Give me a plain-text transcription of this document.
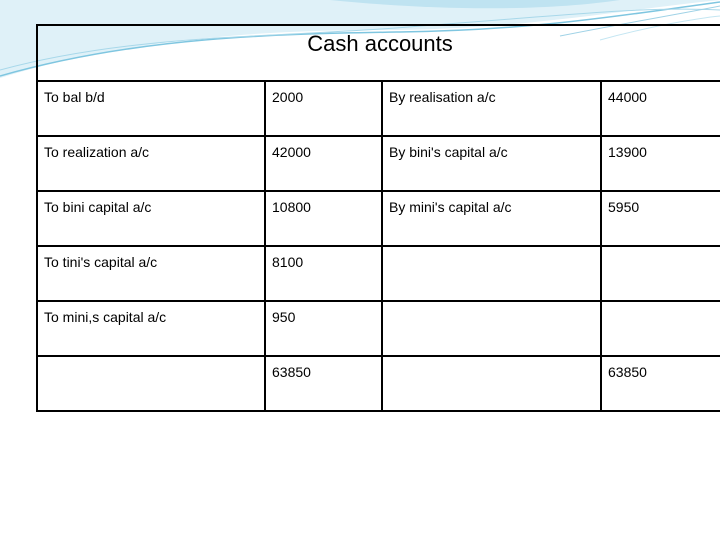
Cash accounts
To bal b/d	2000	By realisation a/c	44000
To realization a/c	42000	By bini's capital a/c	13900
To bini capital a/c	10800	By mini's capital a/c	5950
To tini's capital a/c	8100		
To mini,s capital a/c	950		
	63850		63850
